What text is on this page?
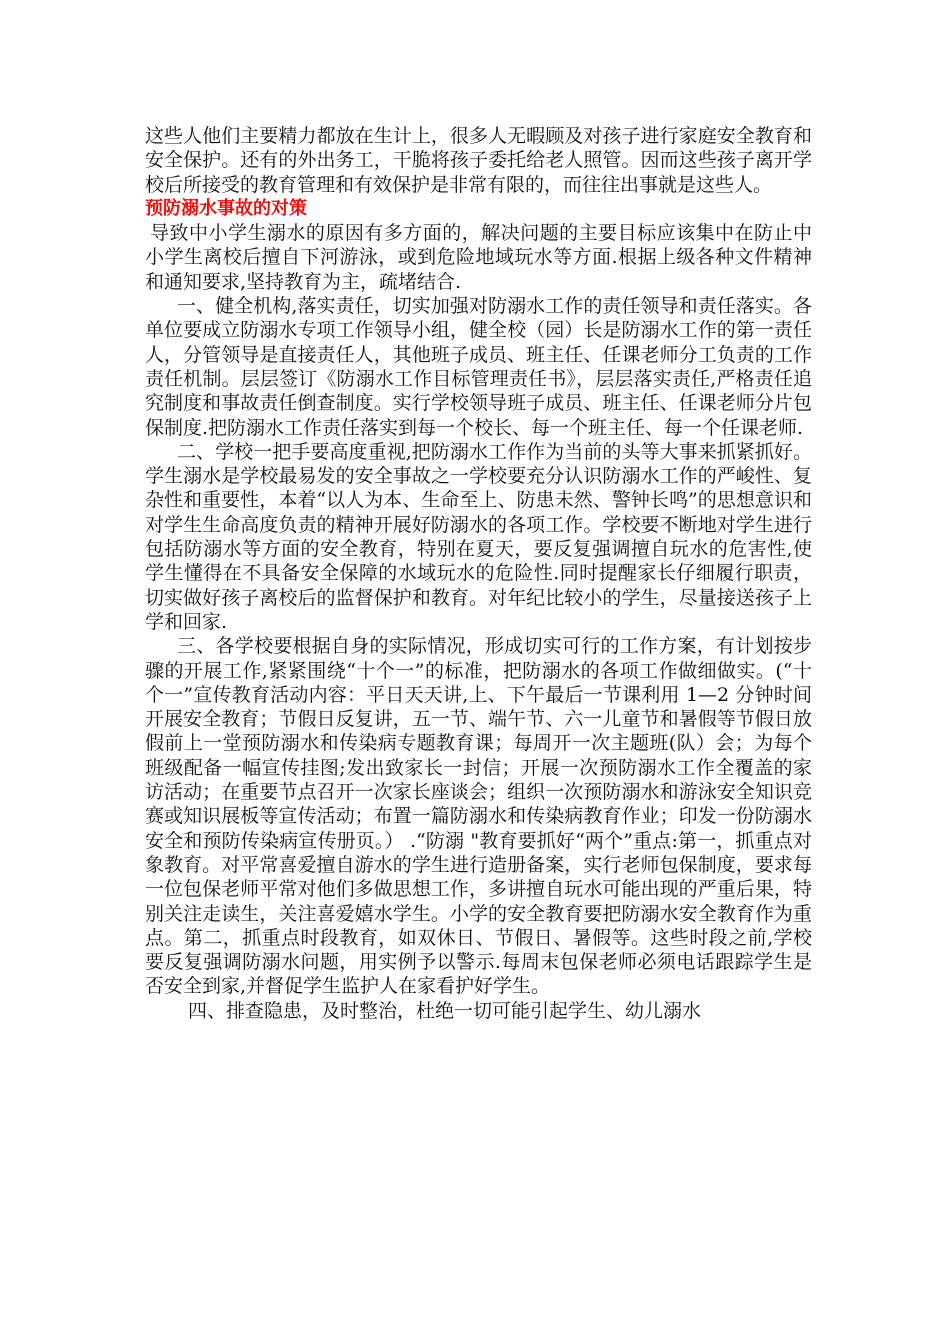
这些人他们主要精力都放在生计上，很多人无暇顾及对孩子进行家庭安全教育和安全保护。还有的外出务工，干脆将孩子委托给老人照管。因而这些孩子离开学校后所接受的教育管理和有效保护是非常有限的，而往往出事就是这些人。

预防溺水事故的对策

导致中小学生溺水的原因有多方面的，解决问题的主要目标应该集中在防止中小学生离校后擅自下河游泳，或到危险地域玩水等方面.根据上级各种文件精神和通知要求,坚持教育为主，疏堵结合.

一、健全机构,落实责任，切实加强对防溺水工作的责任领导和责任落实。各单位要成立防溺水专项工作领导小组，健全校（园）长是防溺水工作的第一责任人，分管领导是直接责任人，其他班子成员、班主任、任课老师分工负责的工作责任机制。层层签订《防溺水工作目标管理责任书》，层层落实责任,严格责任追究制度和事故责任倒查制度。实行学校领导班子成员、班主任、任课老师分片包保制度.把防溺水工作责任落实到每一个校长、每一个班主任、每一个任课老师.

二、学校一把手要高度重视,把防溺水工作作为当前的头等大事来抓紧抓好。学生溺水是学校最易发的安全事故之一学校要充分认识防溺水工作的严峻性、复杂性和重要性，本着“以人为本、生命至上、防患未然、警钟长鸣”的思想意识和对学生生命高度负责的精神开展好防溺水的各项工作。学校要不断地对学生进行包括防溺水等方面的安全教育，特别在夏天，要反复强调擅自玩水的危害性,使学生懂得在不具备安全保障的水域玩水的危险性.同时提醒家长仔细履行职责，切实做好孩子离校后的监督保护和教育。对年纪比较小的学生，尽量接送孩子上学和回家.

三、各学校要根据自身的实际情况，形成切实可行的工作方案，有计划按步骤的开展工作,紧紧围绕“十个一”的标准，把防溺水的各项工作做细做实。(“十个一”宣传教育活动内容：平日天天讲,上、下午最后一节课利用 1—2 分钟时间开展安全教育；节假日反复讲，五一节、端午节、六一儿童节和暑假等节假日放假前上一堂预防溺水和传染病专题教育课；每周开一次主题班(队）会；为每个班级配备一幅宣传挂图;发出致家长一封信；开展一次预防溺水工作全覆盖的家访活动；在重要节点召开一次家长座谈会；组织一次预防溺水和游泳安全知识竞赛或知识展板等宣传活动；布置一篇防溺水和传染病教育作业；印发一份防溺水安全和预防传染病宣传册页。） .“防溺 "教育要抓好“两个”重点:第一，抓重点对象教育。对平常喜爱擅自游水的学生进行造册备案，实行老师包保制度，要求每一位包保老师平常对他们多做思想工作，多讲擅自玩水可能出现的严重后果，特别关注走读生，关注喜爱嬉水学生。小学的安全教育要把防溺水安全教育作为重点。第二，抓重点时段教育，如双休日、节假日、暑假等。这些时段之前,学校要反复强调防溺水问题，用实例予以警示.每周末包保老师必须电话跟踪学生是否安全到家,并督促学生监护人在家看护好学生。

四、排查隐患，及时整治，杜绝一切可能引起学生、幼儿溺水
